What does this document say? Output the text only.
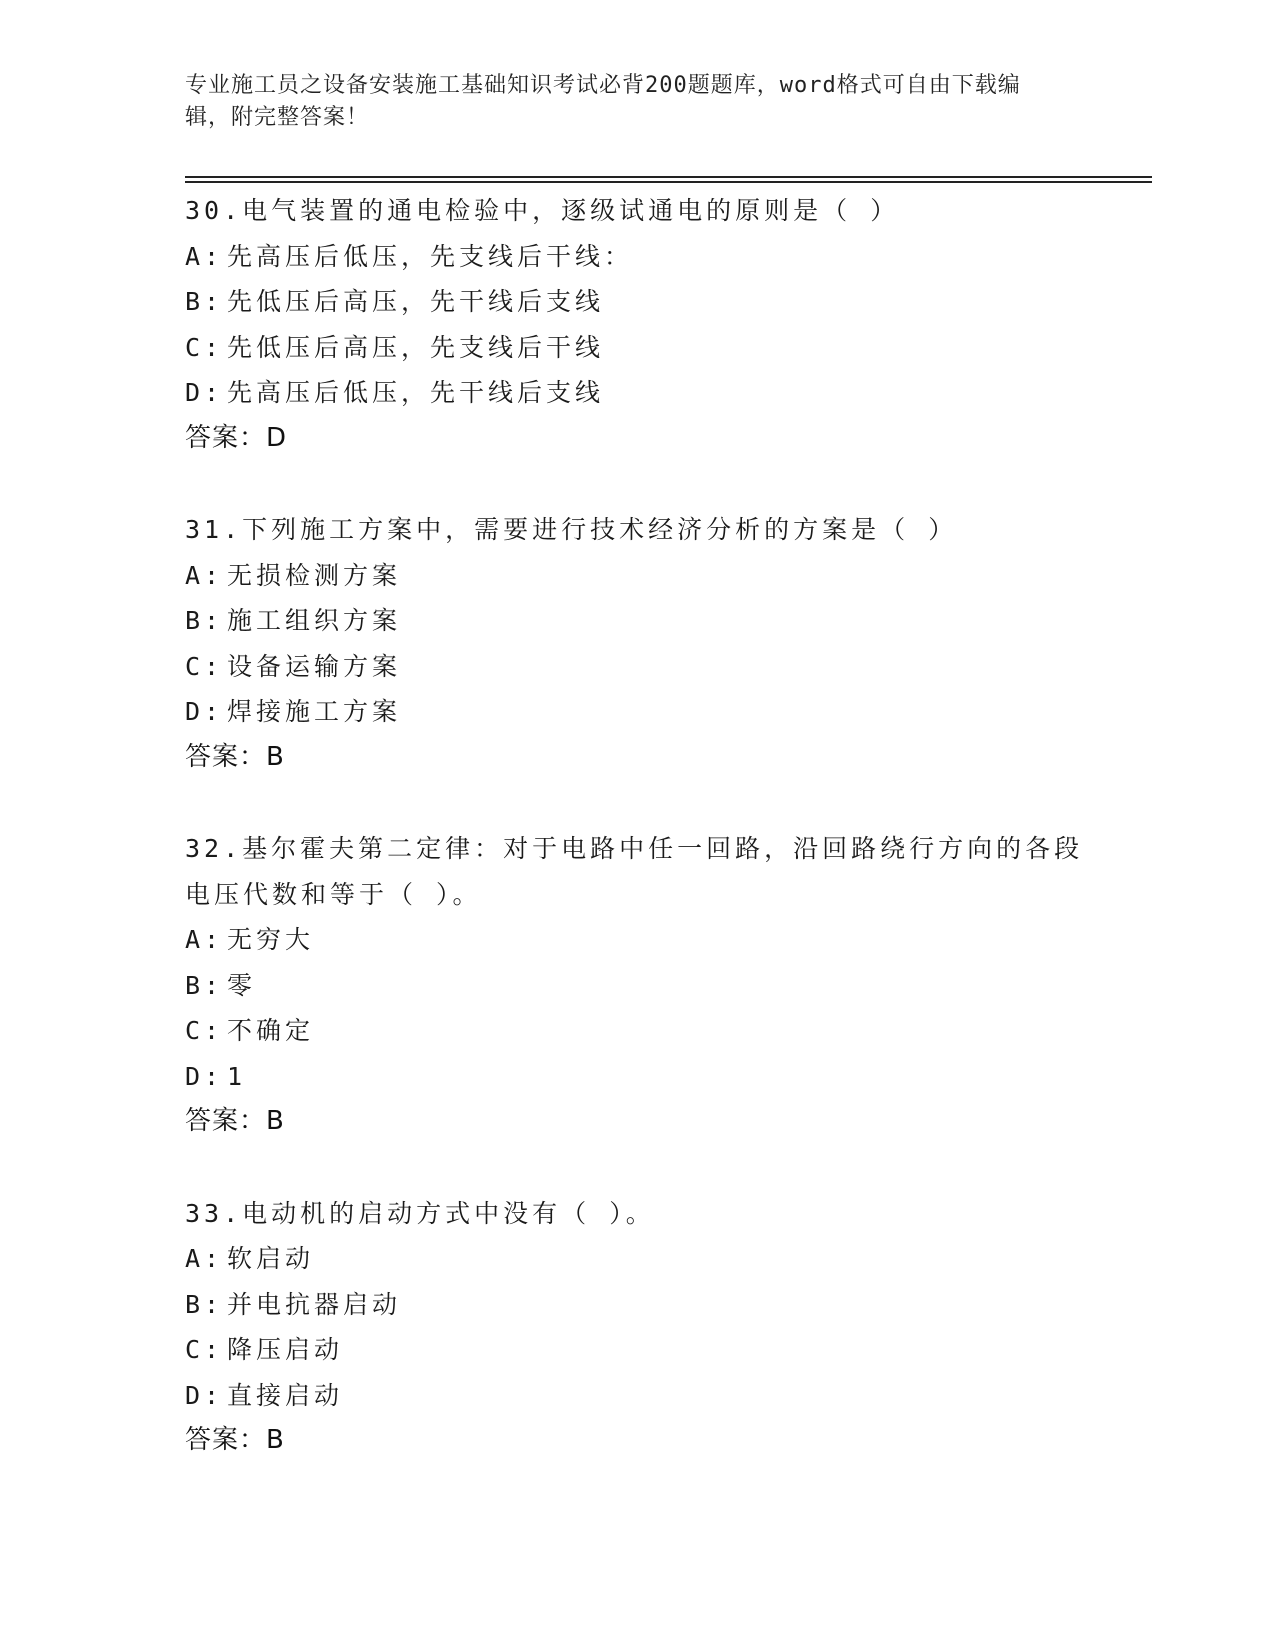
专业施工员之设备安装施工基础知识考试必背200题题库，word格式可自由下载编辑，附完整答案！
30.电气装置的通电检验中，逐级试通电的原则是（ ）
A: 先高压后低压，先支线后干线：
B: 先低压后高压，先干线后支线
C: 先低压后高压，先支线后干线
D: 先高压后低压，先干线后支线
答案：D
31.下列施工方案中，需要进行技术经济分析的方案是（ ）
A: 无损检测方案
B: 施工组织方案
C: 设备运输方案
D: 焊接施工方案
答案：B
32.基尔霍夫第二定律：对于电路中任一回路，沿回路绕行方向的各段电压代数和等于（ ）。
A: 无穷大
B: 零
C: 不确定
D: 1
答案：B
33.电动机的启动方式中没有（ ）。
A: 软启动
B: 并电抗器启动
C: 降压启动
D: 直接启动
答案：B
